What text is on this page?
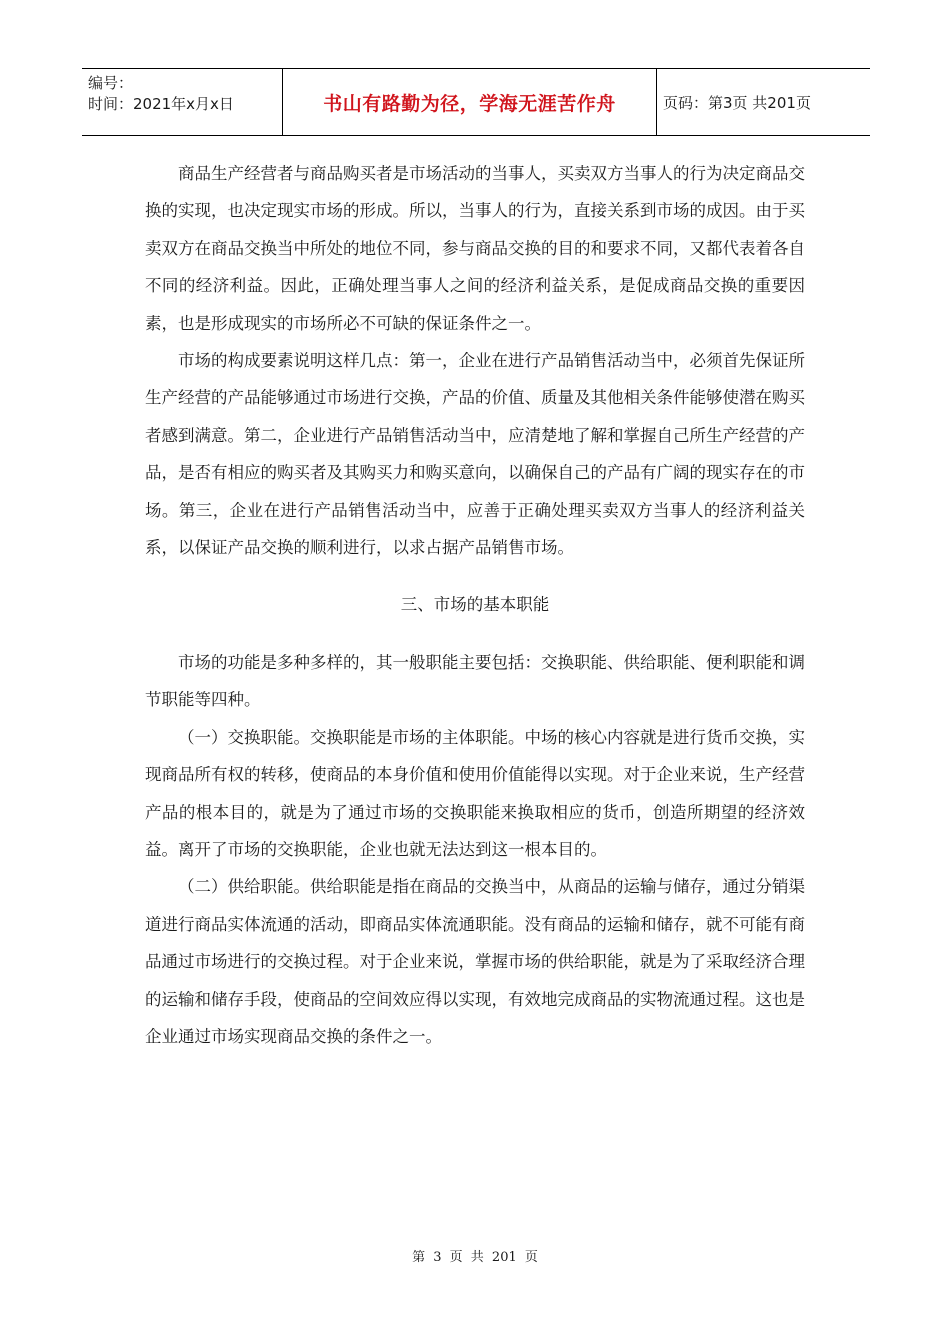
编号：
时间：2021年x月x日	书山有路勤为径，学海无涯苦作舟	页码：第3页 共201页

商品生产经营者与商品购买者是市场活动的当事人，买卖双方当事人的行为决定商品交换的实现，也决定现实市场的形成。所以，当事人的行为，直接关系到市场的成因。由于买卖双方在商品交换当中所处的地位不同，参与商品交换的目的和要求不同，又都代表着各自不同的经济利益。因此，正确处理当事人之间的经济利益关系，是促成商品交换的重要因素，也是形成现实的市场所必不可缺的保证条件之一。

市场的构成要素说明这样几点：第一，企业在进行产品销售活动当中，必须首先保证所生产经营的产品能够通过市场进行交换，产品的价值、质量及其他相关条件能够使潜在购买者感到满意。第二，企业进行产品销售活动当中，应清楚地了解和掌握自己所生产经营的产品，是否有相应的购买者及其购买力和购买意向，以确保自己的产品有广阔的现实存在的市场。第三，企业在进行产品销售活动当中，应善于正确处理买卖双方当事人的经济利益关系，以保证产品交换的顺利进行，以求占据产品销售市场。

三、市场的基本职能

市场的功能是多种多样的，其一般职能主要包括：交换职能、供给职能、便利职能和调节职能等四种。

（一）交换职能。交换职能是市场的主体职能。中场的核心内容就是进行货币交换，实现商品所有权的转移，使商品的本身价值和使用价值能得以实现。对于企业来说，生产经营产品的根本目的，就是为了通过市场的交换职能来换取相应的货币，创造所期望的经济效益。离开了市场的交换职能，企业也就无法达到这一根本目的。

（二）供给职能。供给职能是指在商品的交换当中，从商品的运输与储存，通过分销渠道进行商品实体流通的活动，即商品实体流通职能。没有商品的运输和储存，就不可能有商品通过市场进行的交换过程。对于企业来说，掌握市场的供给职能，就是为了采取经济合理的运输和储存手段，使商品的空间效应得以实现，有效地完成商品的实物流通过程。这也是企业通过市场实现商品交换的条件之一。

第 3 页 共 201 页
